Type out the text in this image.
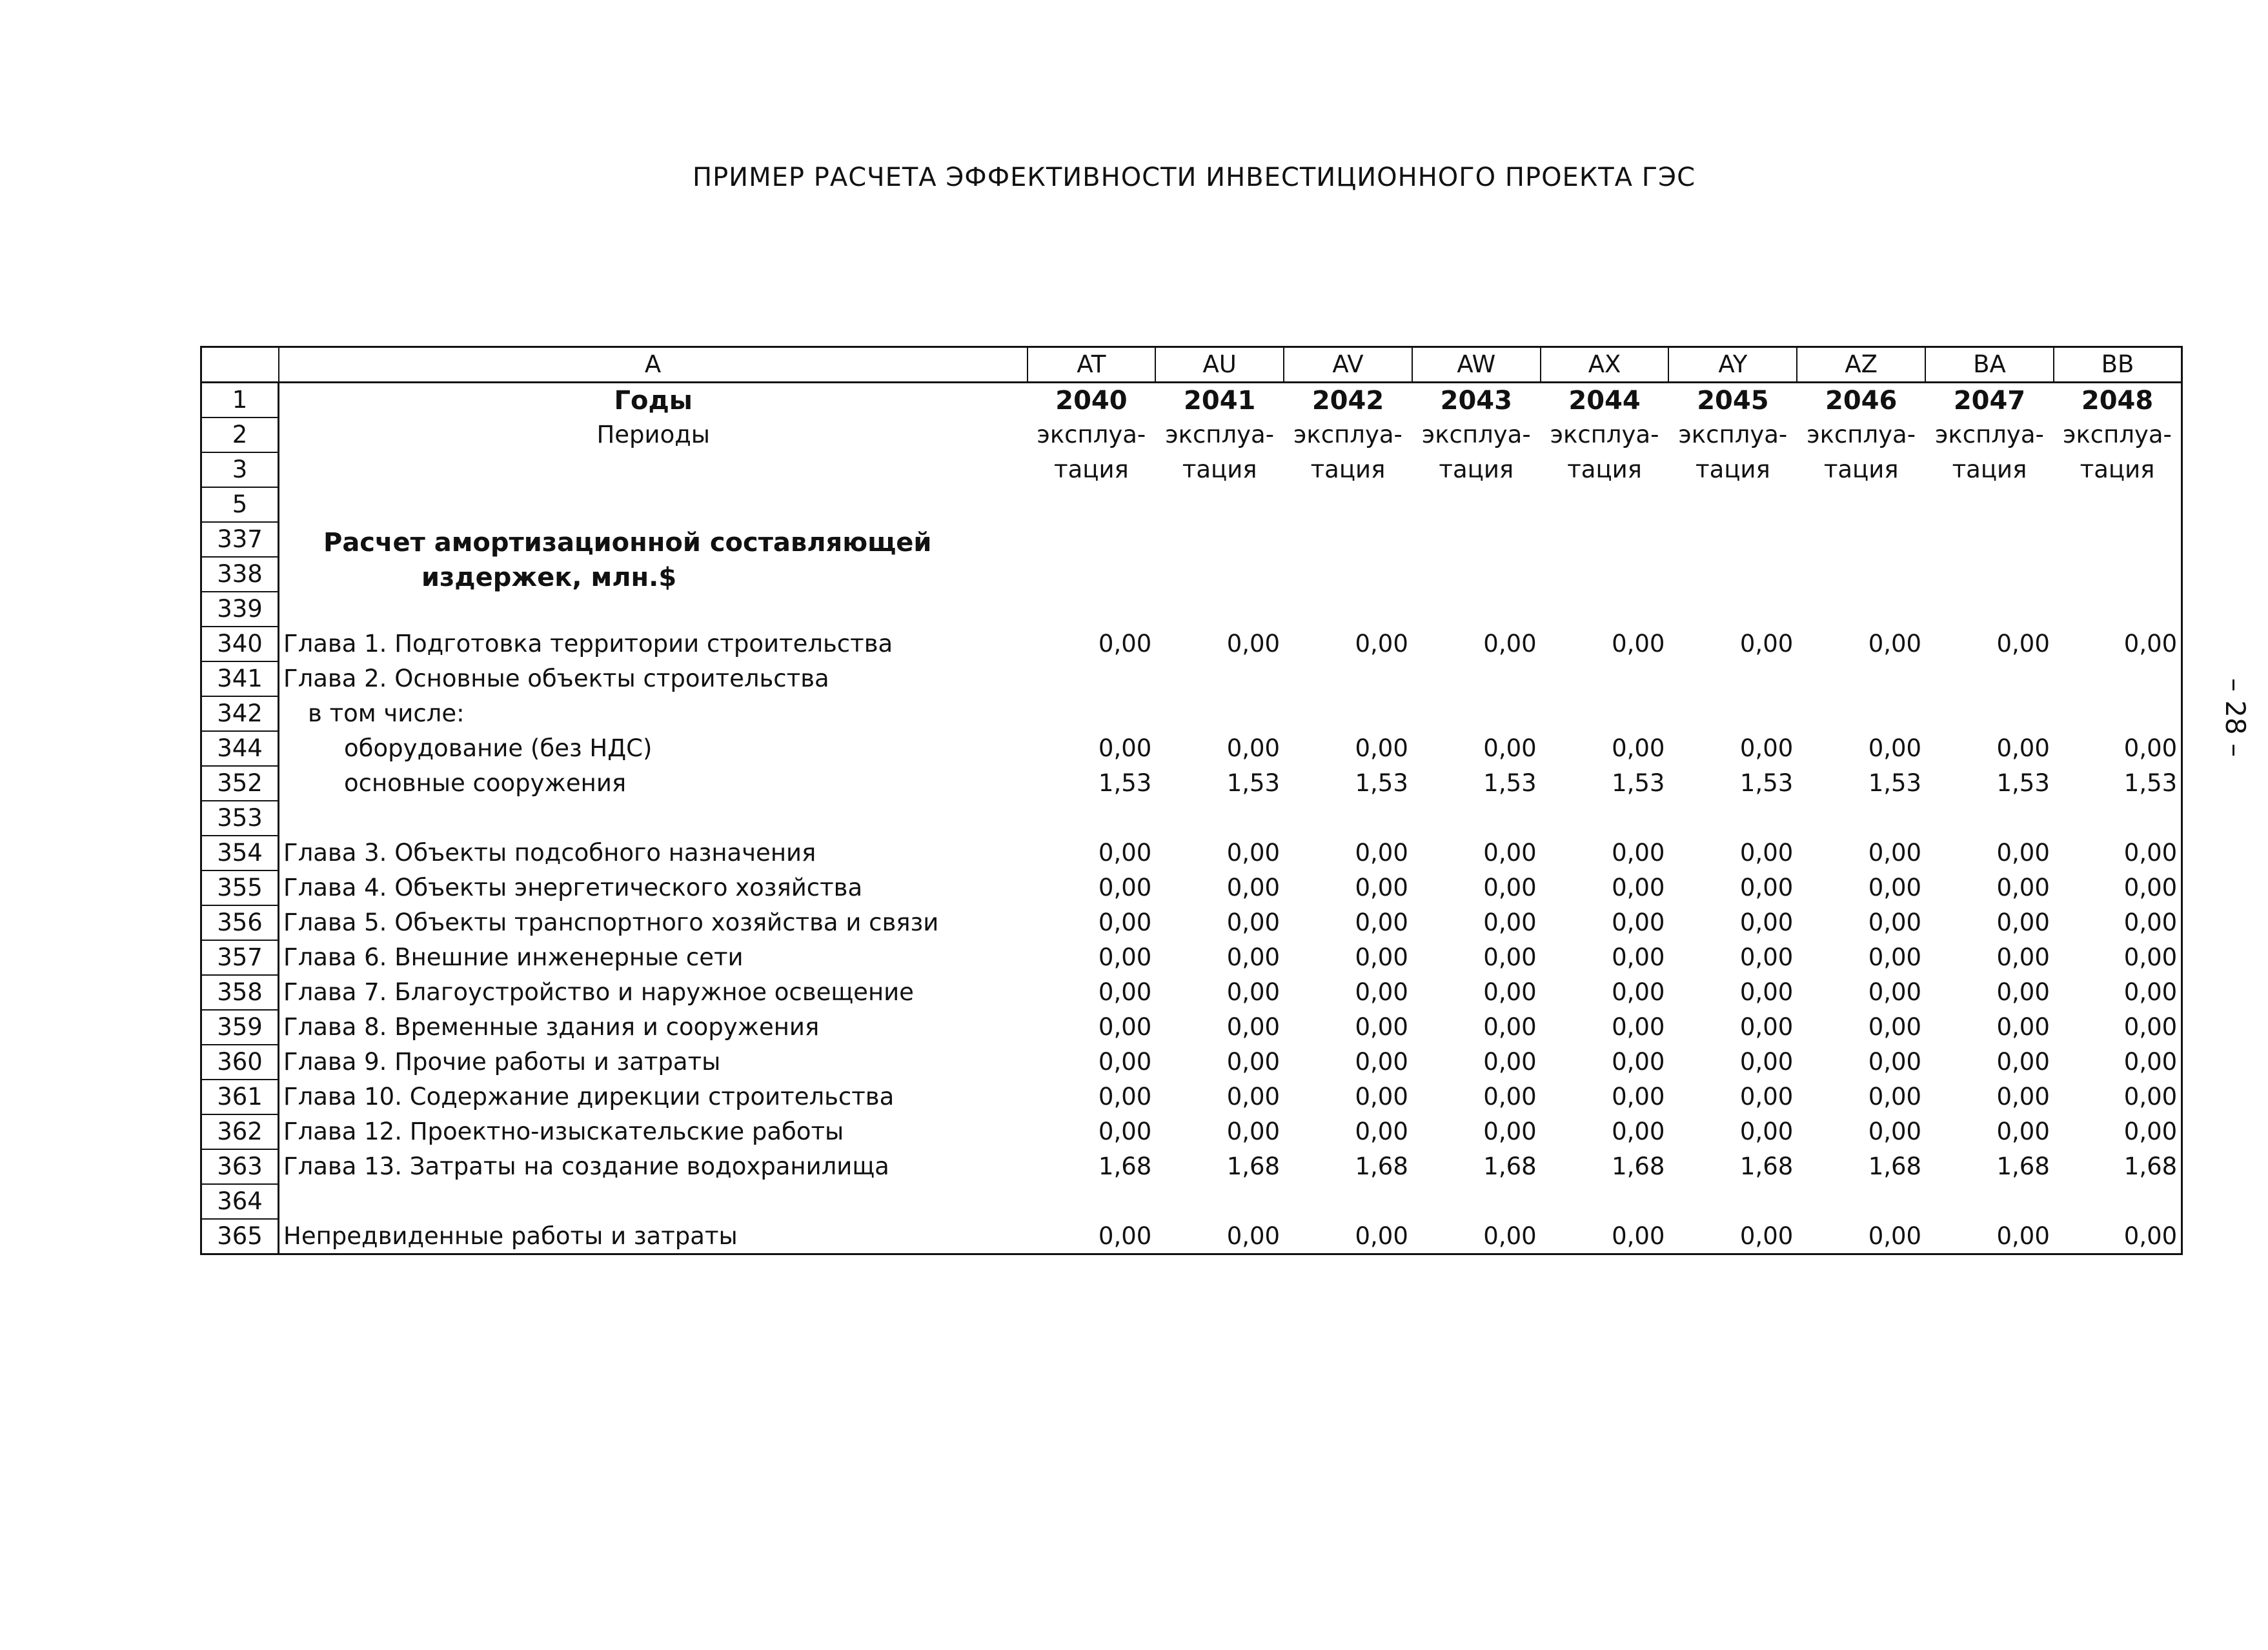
ПРИМЕР РАСЧЕТА ЭФФЕКТИВНОСТИ ИНВЕСТИЦИОННОГО ПРОЕКТА ГЭС
– 28 –
	A	AT	AU	AV	AW	AX	AY	AZ	BA	BB
1	Годы	2040	2041	2042	2043	2044	2045	2046	2047	2048
2	Периоды	эксплуа-	эксплуа-	эксплуа-	эксплуа-	эксплуа-	эксплуа-	эксплуа-	эксплуа-	эксплуа-
3		тация	тация	тация	тация	тация	тация	тация	тация	тация
5										
337	Расчет амортизационной составляющей									

338	издержек, млн.$									

339										
340	Глава 1. Подготовка территории строительства	0,00	0,00	0,00	0,00	0,00	0,00	0,00	0,00	0,00
341	Глава 2. Основные объекты строительства									
342	в том числе:									
344	оборудование (без НДС)	0,00	0,00	0,00	0,00	0,00	0,00	0,00	0,00	0,00
352	основные сооружения	1,53	1,53	1,53	1,53	1,53	1,53	1,53	1,53	1,53
353										
354	Глава 3. Объекты подсобного назначения	0,00	0,00	0,00	0,00	0,00	0,00	0,00	0,00	0,00
355	Глава 4. Объекты энергетического хозяйства	0,00	0,00	0,00	0,00	0,00	0,00	0,00	0,00	0,00
356	Глава 5. Объекты транспортного хозяйства и связи	0,00	0,00	0,00	0,00	0,00	0,00	0,00	0,00	0,00
357	Глава 6. Внешние инженерные сети	0,00	0,00	0,00	0,00	0,00	0,00	0,00	0,00	0,00
358	Глава 7. Благоустройство и наружное освещение	0,00	0,00	0,00	0,00	0,00	0,00	0,00	0,00	0,00
359	Глава 8. Временные здания и сооружения	0,00	0,00	0,00	0,00	0,00	0,00	0,00	0,00	0,00
360	Глава 9. Прочие работы и затраты	0,00	0,00	0,00	0,00	0,00	0,00	0,00	0,00	0,00
361	Глава 10. Содержание дирекции строительства	0,00	0,00	0,00	0,00	0,00	0,00	0,00	0,00	0,00
362	Глава 12. Проектно-изыскательские работы	0,00	0,00	0,00	0,00	0,00	0,00	0,00	0,00	0,00
363	Глава 13. Затраты на создание водохранилища	1,68	1,68	1,68	1,68	1,68	1,68	1,68	1,68	1,68
364										
365	Непредвиденные работы и затраты	0,00	0,00	0,00	0,00	0,00	0,00	0,00	0,00	0,00
